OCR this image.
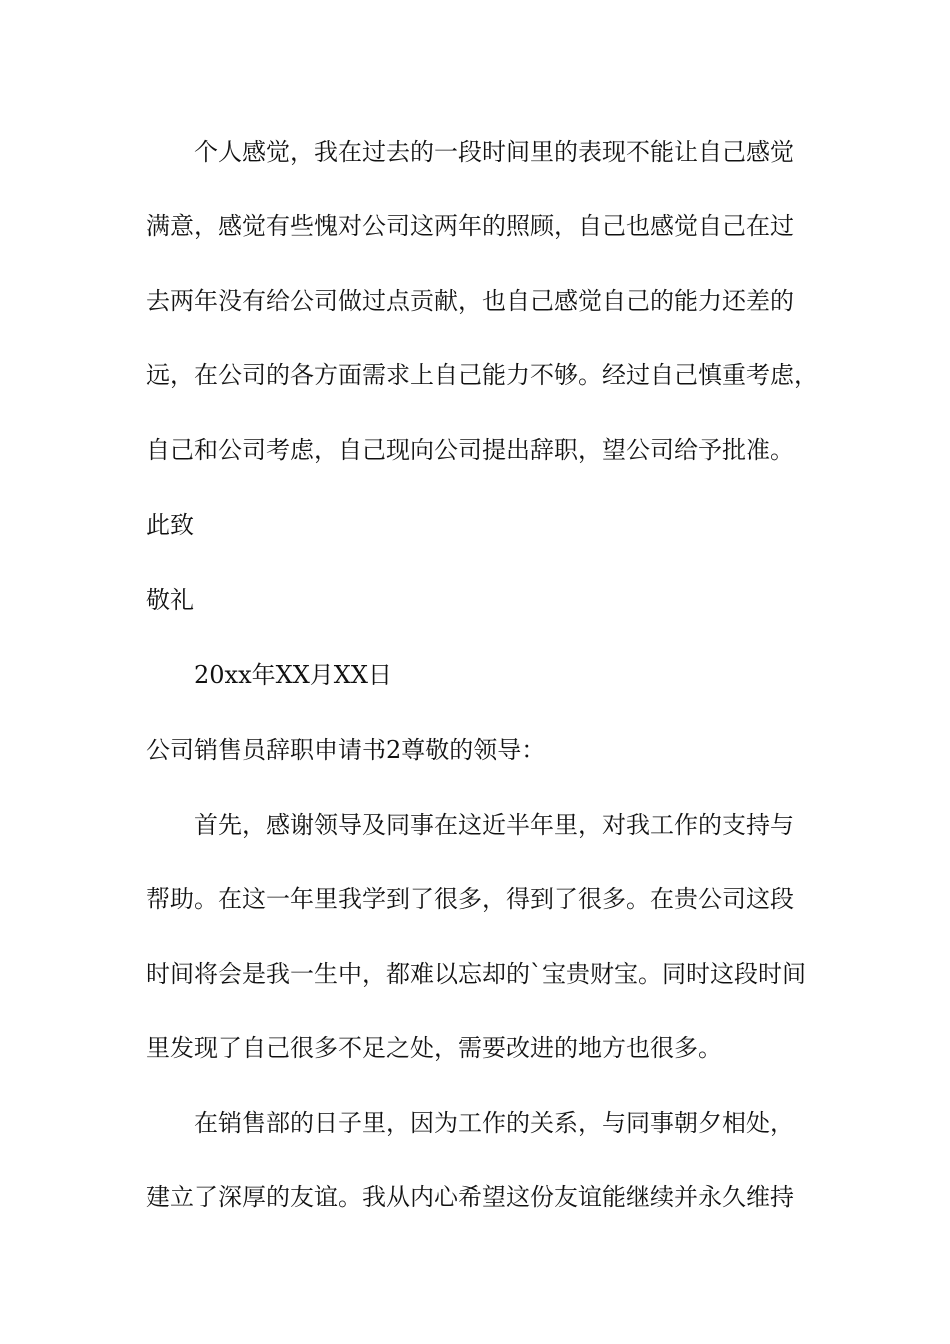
个人感觉，我在过去的一段时间里的表现不能让自己感觉
满意，感觉有些愧对公司这两年的照顾，自己也感觉自己在过
去两年没有给公司做过点贡献，也自己感觉自己的能力还差的
远，在公司的各方面需求上自己能力不够。经过自己慎重考虑，
自己和公司考虑，自己现向公司提出辞职，望公司给予批准。
此致
敬礼
20xx年XX月XX日
公司销售员辞职申请书2尊敬的领导：
首先，感谢领导及同事在这近半年里，对我工作的支持与
帮助。在这一年里我学到了很多，得到了很多。在贵公司这段
时间将会是我一生中，都难以忘却的`宝贵财宝。同时这段时间
里发现了自己很多不足之处，需要改进的地方也很多。
在销售部的日子里，因为工作的关系，与同事朝夕相处，
建立了深厚的友谊。我从内心希望这份友谊能继续并永久维持
